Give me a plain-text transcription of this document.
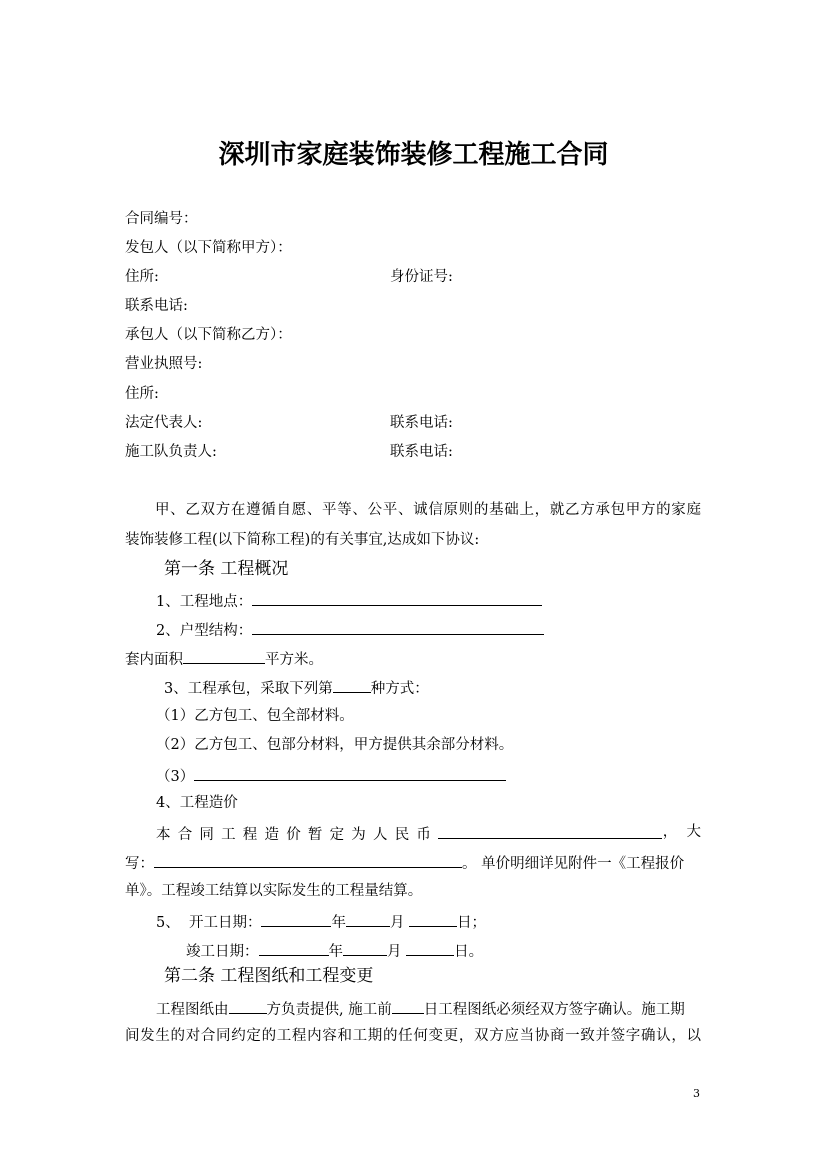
深圳市家庭装饰装修工程施工合同
合同编号：
发包人（以下简称甲方）：
住所:	身份证号:
联系电话:
承包人（以下简称乙方）：
营业执照号:
住所:
法定代表人:	联系电话:
施工队负责人:	联系电话:
甲、乙双方在遵循自愿、平等、公平、诚信原则的基础上，就乙方承包甲方的家庭
装饰装修工程(以下简称工程)的有关事宜,达成如下协议:
第一条 工程概况
1、工程地点：
2、户型结构：
套内面积	平方米。
3、工程承包，采取下列第	种方式：
（1）乙方包工、包全部材料。
（2）乙方包工、包部分材料，甲方提供其余部分材料。
（3）
4、工程造价
本合同工程造价暂定为人民币	，  大
写：	。 单价明细详见附件一《工程报价
单》。工程竣工结算以实际发生的工程量结算。
5、  开工日期：	年	月	日；
竣工日期：	年	月	日。
第二条 工程图纸和工程变更
工程图纸由	方负责提供, 施工前 日工程图纸必须经双方签字确认。施工期
间发生的对合同约定的工程内容和工期的任何变更，双方应当协商一致并签字确认，以
3
